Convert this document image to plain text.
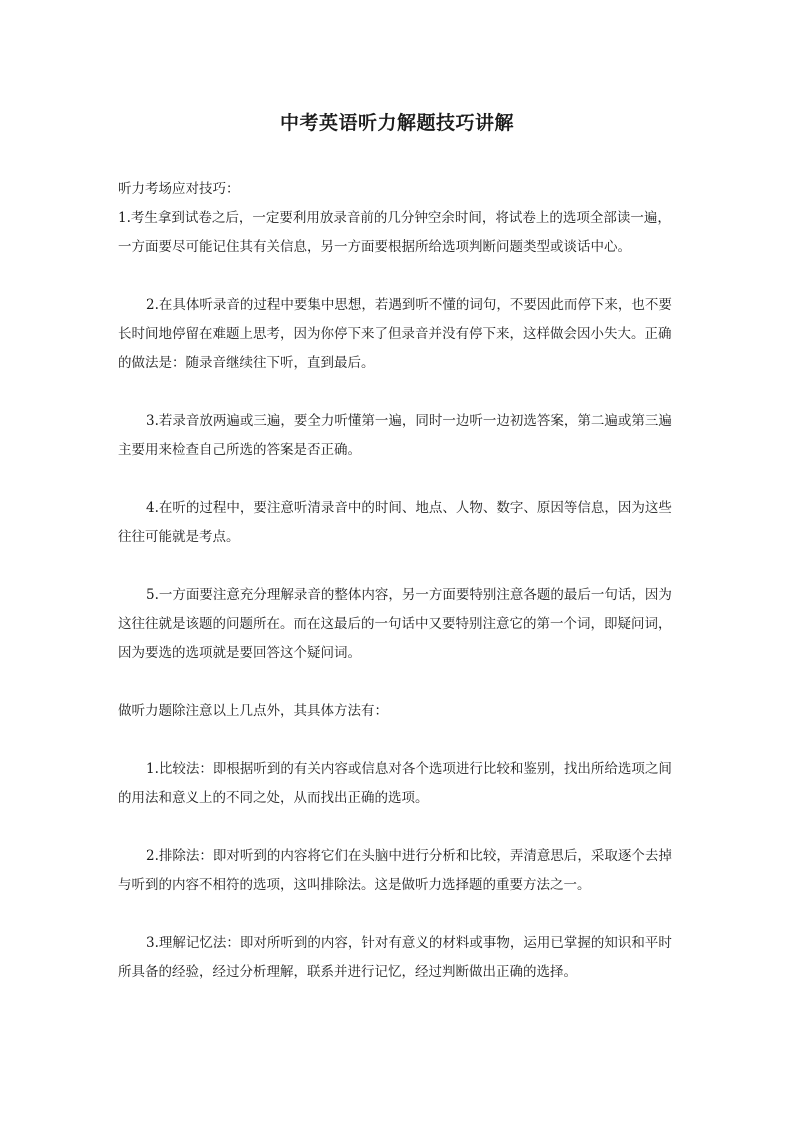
中考英语听力解题技巧讲解

听力考场应对技巧：

1.考生拿到试卷之后，一定要利用放录音前的几分钟空余时间，将试卷上的选项全部读一遍，一方面要尽可能记住其有关信息，另一方面要根据所给选项判断问题类型或谈话中心。

2.在具体听录音的过程中要集中思想，若遇到听不懂的词句，不要因此而停下来，也不要长时间地停留在难题上思考，因为你停下来了但录音并没有停下来，这样做会因小失大。正确的做法是：随录音继续往下听，直到最后。

3.若录音放两遍或三遍，要全力听懂第一遍，同时一边听一边初选答案，第二遍或第三遍主要用来检查自己所选的答案是否正确。

4.在听的过程中，要注意听清录音中的时间、地点、人物、数字、原因等信息，因为这些往往可能就是考点。

5.一方面要注意充分理解录音的整体内容，另一方面要特别注意各题的最后一句话，因为这往往就是该题的问题所在。而在这最后的一句话中又要特别注意它的第一个词，即疑问词，因为要选的选项就是要回答这个疑问词。

做听力题除注意以上几点外，其具体方法有：

1.比较法：即根据听到的有关内容或信息对各个选项进行比较和鉴别，找出所给选项之间的用法和意义上的不同之处，从而找出正确的选项。

2.排除法：即对听到的内容将它们在头脑中进行分析和比较，弄清意思后，采取逐个去掉与听到的内容不相符的选项，这叫排除法。这是做听力选择题的重要方法之一。

3.理解记忆法：即对所听到的内容，针对有意义的材料或事物，运用已掌握的知识和平时所具备的经验，经过分析理解，联系并进行记忆，经过判断做出正确的选择。
